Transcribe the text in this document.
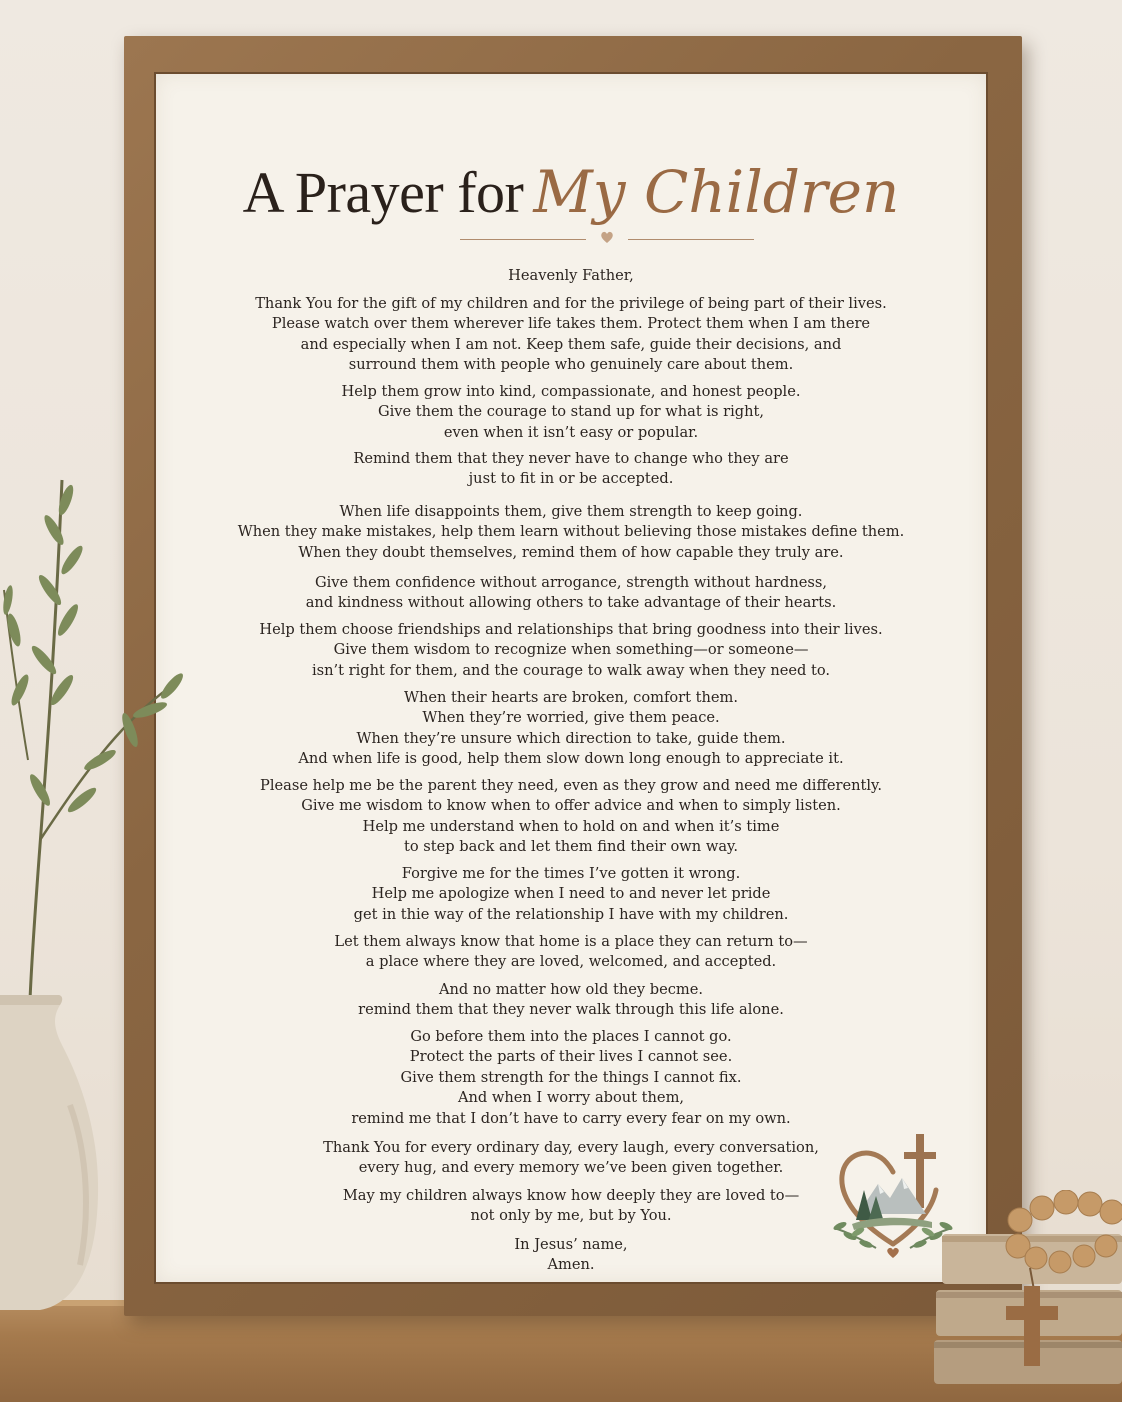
A Prayer for My Children
Heavenly Father,
Thank You for the gift of my children and for the privilege of being part of their lives.
Please watch over them wherever life takes them. Protect them when I am there
and especially when I am not. Keep them safe, guide their decisions, and
surround them with people who genuinely care about them.
Help them grow into kind, compassionate, and honest people.
Give them the courage to stand up for what is right,
even when it isn’t easy or popular.
Remind them that they never have to change who they are
just to fit in or be accepted.
When life disappoints them, give them strength to keep going.
When they make mistakes, help them learn without believing those mistakes define them.
When they doubt themselves, remind them of how capable they truly are.
Give them confidence without arrogance, strength without hardness,
and kindness without allowing others to take advantage of their hearts.
Help them choose friendships and relationships that bring goodness into their lives.
Give them wisdom to recognize when something—or someone—
isn’t right for them, and the courage to walk away when they need to.
When their hearts are broken, comfort them.
When they’re worried, give them peace.
When they’re unsure which direction to take, guide them.
And when life is good, help them slow down long enough to appreciate it.
Please help me be the parent they need, even as they grow and need me differently.
Give me wisdom to know when to offer advice and when to simply listen.
Help me understand when to hold on and when it’s time
to step back and let them find their own way.
Forgive me for the times I’ve gotten it wrong.
Help me apologize when I need to and never let pride
get in thie way of the relationship I have with my children.
Let them always know that home is a place they can return to—
a place where they are loved, welcomed, and accepted.
And no matter how old they becme.
remind them that they never walk through this life alone.
Go before them into the places I cannot go.
Protect the parts of their lives I cannot see.
Give them strength for the things I cannot fix.
And when I worry about them,
remind me that I don’t have to carry every fear on my own.
Thank You for every ordinary day, every laugh, every conversation,
every hug, and every memory we’ve been given together.
May my children always know how deeply they are loved to—
not only by me, but by You.
In Jesus’ name,
Amen.
